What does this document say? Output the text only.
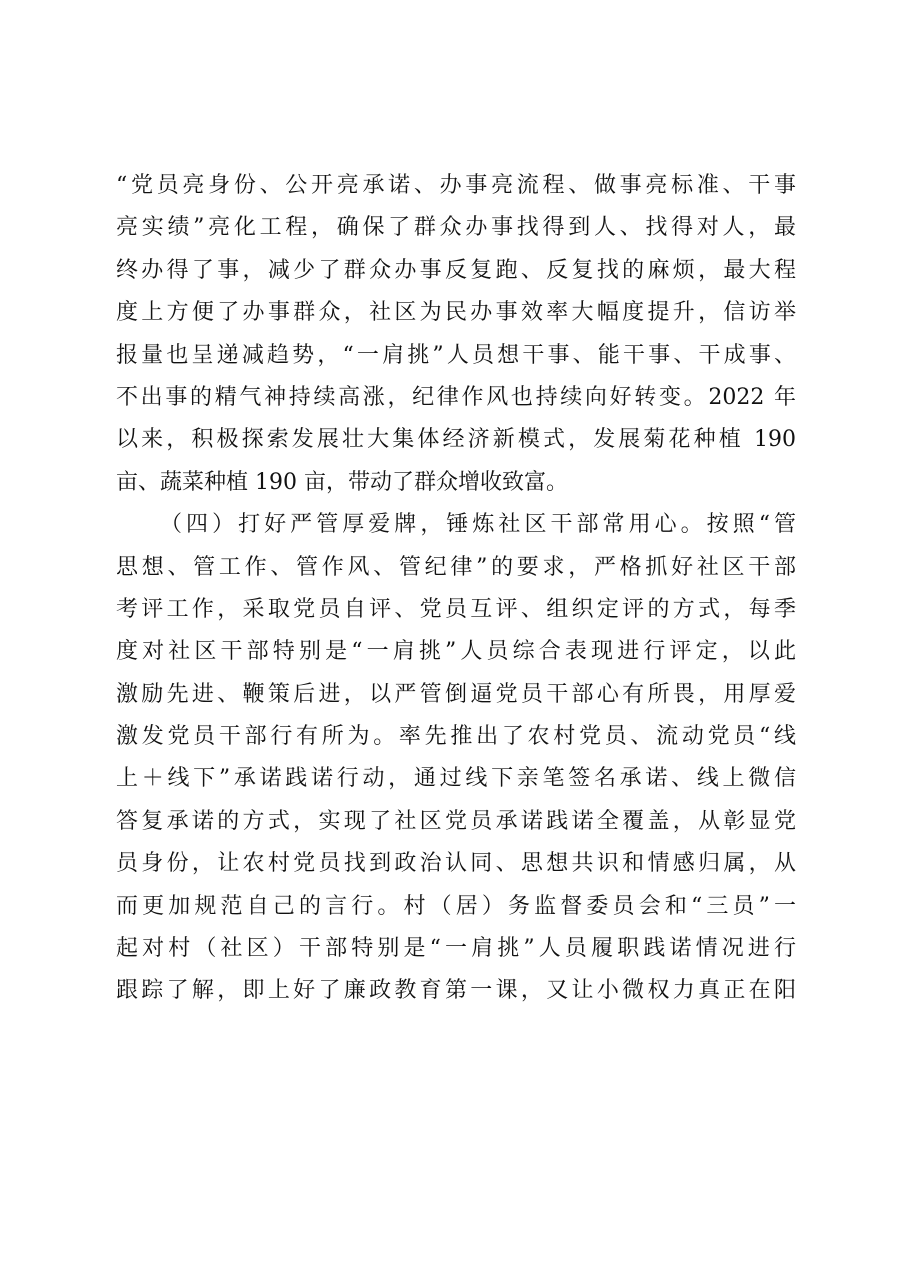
“党员亮身份、公开亮承诺、办事亮流程、做事亮标准、干事
亮实绩”亮化工程，确保了群众办事找得到人、找得对人，最
终办得了事，减少了群众办事反复跑、反复找的麻烦，最大程
度上方便了办事群众，社区为民办事效率大幅度提升，信访举
报量也呈递减趋势，“一肩挑”人员想干事、能干事、干成事、
不出事的精气神持续高涨，纪律作风也持续向好转变。2022 年
以来，积极探索发展壮大集体经济新模式，发展菊花种植 190
亩、蔬菜种植 190 亩，带动了群众增收致富。
（四）打好严管厚爱牌，锤炼社区干部常用心。按照“管
思想、管工作、管作风、管纪律”的要求，严格抓好社区干部
考评工作，采取党员自评、党员互评、组织定评的方式，每季
度对社区干部特别是“一肩挑”人员综合表现进行评定，以此
激励先进、鞭策后进，以严管倒逼党员干部心有所畏，用厚爱
激发党员干部行有所为。率先推出了农村党员、流动党员“线
上＋线下”承诺践诺行动，通过线下亲笔签名承诺、线上微信
答复承诺的方式，实现了社区党员承诺践诺全覆盖，从彰显党
员身份，让农村党员找到政治认同、思想共识和情感归属，从
而更加规范自己的言行。村（居）务监督委员会和“三员”一
起对村（社区）干部特别是“一肩挑”人员履职践诺情况进行
跟踪了解，即上好了廉政教育第一课，又让小微权力真正在阳
